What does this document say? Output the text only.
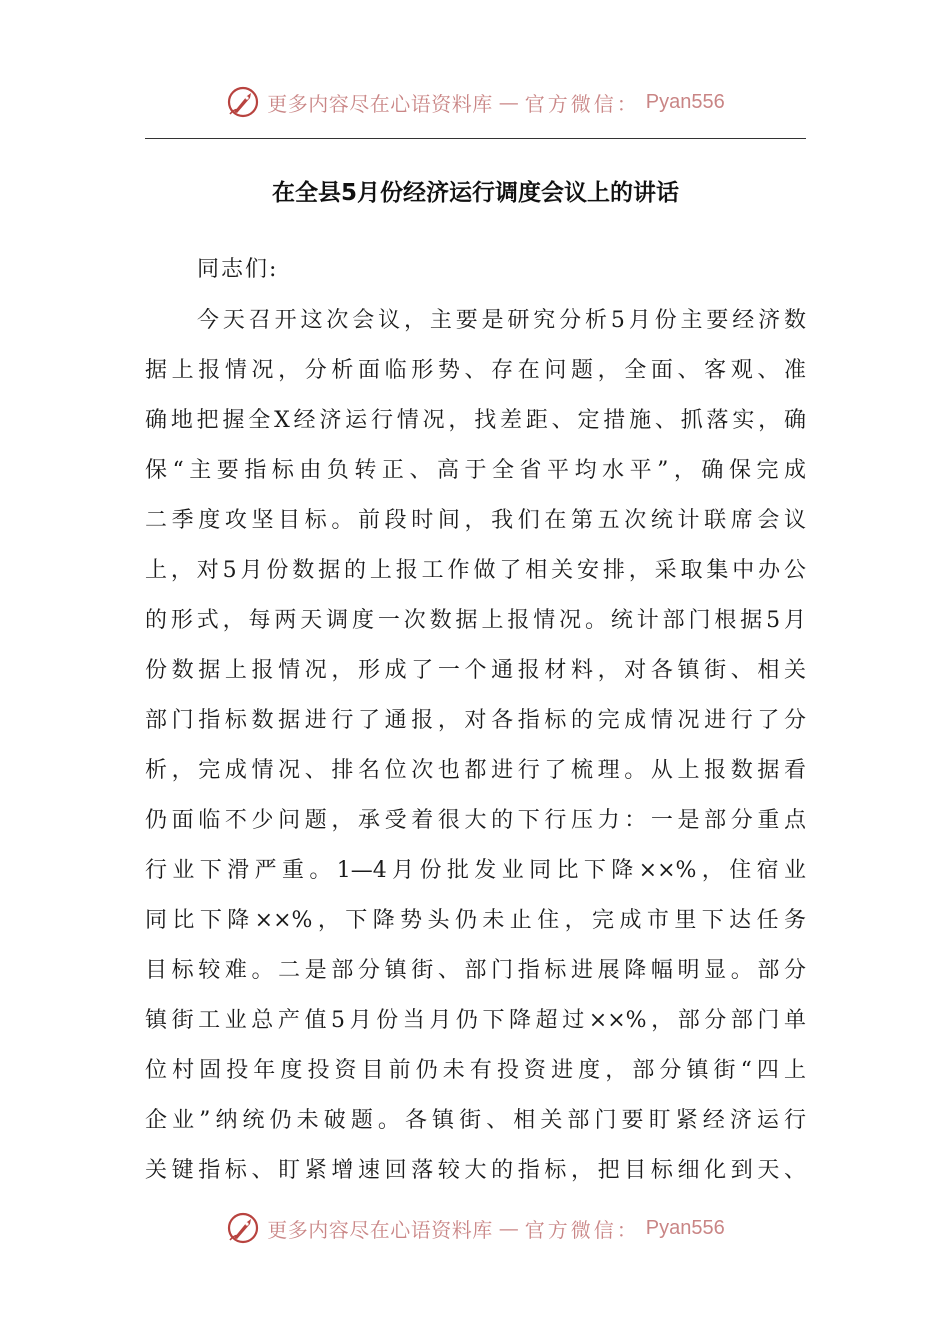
更多内容尽在心语资料库 — 官方微信： Pyan556
在全县5月份经济运行调度会议上的讲话

同志们:

今天召开这次会议，主要是研究分析5月份主要经济数
据上报情况，分析面临形势、存在问题，全面、客观、准
确地把握全X经济运行情况，找差距、定措施、抓落实，确
保“主要指标由负转正、高于全省平均水平”，确保完成
二季度攻坚目标。前段时间，我们在第五次统计联席会议
上，对5月份数据的上报工作做了相关安排，采取集中办公
的形式，每两天调度一次数据上报情况。统计部门根据5月
份数据上报情况，形成了一个通报材料，对各镇街、相关
部门指标数据进行了通报，对各指标的完成情况进行了分
析，完成情况、排名位次也都进行了梳理。从上报数据看
仍面临不少问题，承受着很大的下行压力：一是部分重点
行业下滑严重。1—4月份批发业同比下降××%，住宿业
同比下降××%，下降势头仍未止住，完成市里下达任务
目标较难。二是部分镇街、部门指标进展降幅明显。部分
镇街工业总产值5月份当月仍下降超过××%，部分部门单
位村固投年度投资目前仍未有投资进度，部分镇街“四上
企业”纳统仍未破题。各镇街、相关部门要盯紧经济运行
关键指标、盯紧增速回落较大的指标，把目标细化到天、
更多内容尽在心语资料库 — 官方微信： Pyan556
